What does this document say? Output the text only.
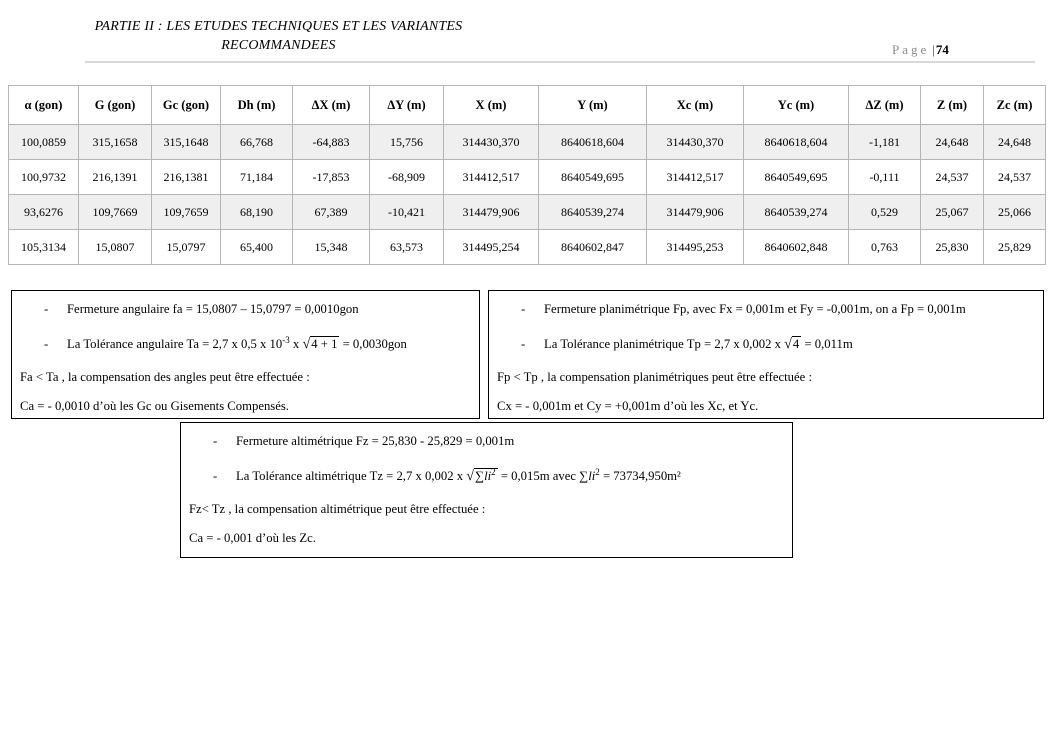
PARTIE II : LES ETUDES TECHNIQUES ET LES VARIANTES
RECOMMANDEES	Page |74
α (gon)	G (gon)	Gc (gon)	Dh (m)	ΔX (m)	ΔY (m)	X (m)	Y (m)	Xc (m)	Yc (m)	ΔZ (m)	Z (m)	Zc (m)
100,0859	315,1658	315,1648	66,768	-64,883	15,756	314430,370	8640618,604	314430,370	8640618,604	-1,181	24,648	24,648
100,9732	216,1391	216,1381	71,184	-17,853	-68,909	314412,517	8640549,695	314412,517	8640549,695	-0,111	24,537	24,537
93,6276	109,7669	109,7659	68,190	67,389	-10,421	314479,906	8640539,274	314479,906	8640539,274	0,529	25,067	25,066
105,3134	15,0807	15,0797	65,400	15,348	63,573	314495,254	8640602,847	314495,253	8640602,848	0,763	25,830	25,829
-	Fermeture angulaire fa = 15,0807 – 15,0797 = 0,0010gon
-	La Tolérance angulaire Ta = 2,7 x 0,5 x $10^{-3}$ x √4 + 1 = 0,0030gon
Fa < Ta , la compensation des angles peut être effectuée :
Ca = - 0,0010 d’où les Gc ou Gisements Compensés.
-	Fermeture planimétrique Fp, avec Fx = 0,001m et Fy = -0,001m, on a Fp = 0,001m
-	La Tolérance planimétrique Tp = 2,7 x 0,002 x √4 = 0,011m
Fp < Tp , la compensation planimétriques peut être effectuée :
Cx = - 0,001m et Cy = +0,001m d’où les Xc, et Yc.
-	Fermeture altimétrique Fz = 25,830 - 25,829 = 0,001m
-	La Tolérance altimétrique Tz = 2,7 x 0,002 x $√\sum li^2 = 0,015m$ avec $\sum li^2 = 73734,950m^2$
Fz< Tz , la compensation altimétrique peut être effectuée :
Ca = - 0,001 d’où les Zc.
